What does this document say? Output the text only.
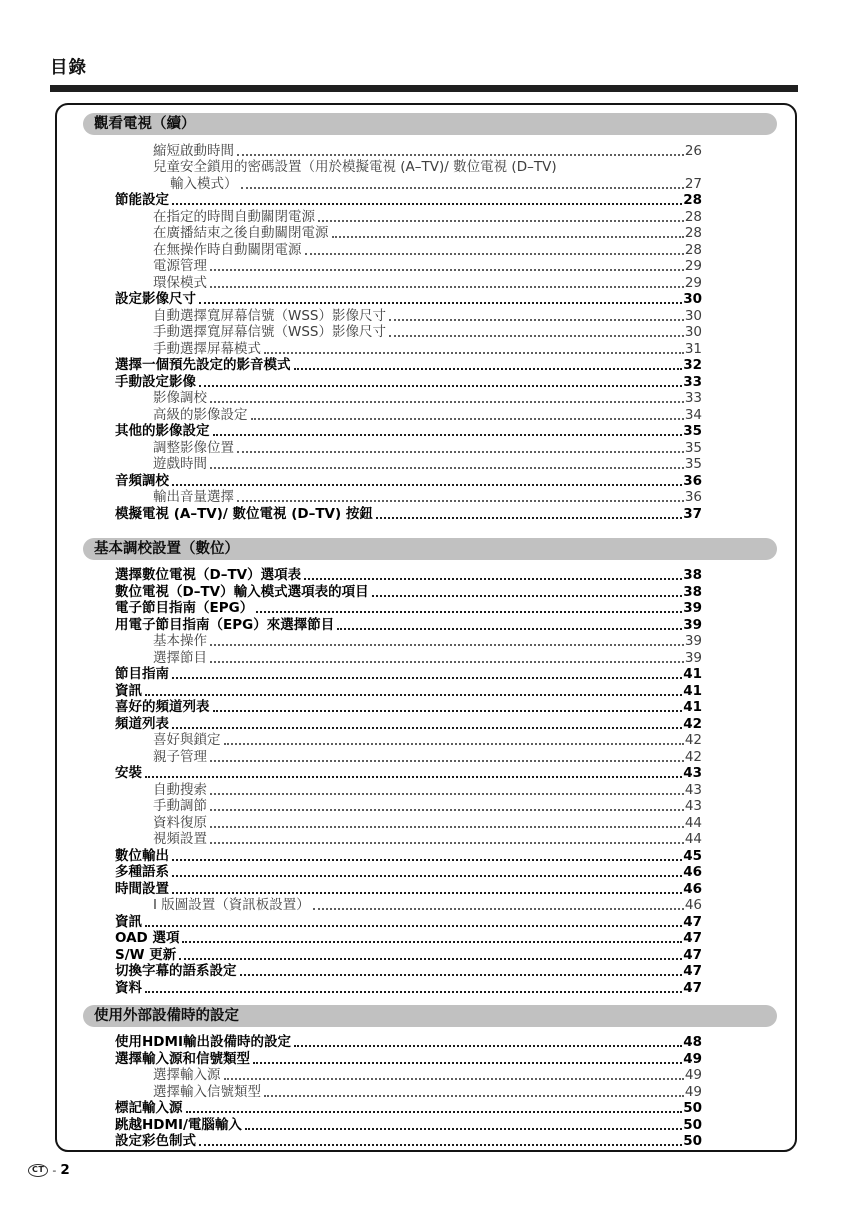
目錄
觀看電視（續）
縮短啟動時間	26
兒童安全鎖用的密碼設置（用於模擬電視 (A–TV)/ 數位電視 (D–TV)
輸入模式）	27
節能設定	28
在指定的時間自動關閉電源	28
在廣播結束之後自動關閉電源	28
在無操作時自動關閉電源	28
電源管理	29
環保模式	29
設定影像尺寸	30
自動選擇寬屏幕信號（WSS）影像尺寸	30
手動選擇寬屏幕信號（WSS）影像尺寸	30
手動選擇屏幕模式	31
選擇一個預先設定的影音模式	32
手動設定影像	33
影像調校	33
高級的影像設定	34
其他的影像設定	35
調整影像位置	35
遊戲時間	35
音頻調校	36
輸出音量選擇	36
模擬電視 (A–TV)/ 數位電視 (D–TV) 按鈕	37
基本調校設置（數位）
選擇數位電視（D–TV）選項表	38
數位電視（D–TV）輸入模式選項表的項目	38
電子節目指南（EPG）	39
用電子節目指南（EPG）來選擇節目	39
基本操作	39
選擇節目	39
節目指南	41
資訊	41
喜好的頻道列表	41
頻道列表	42
喜好與鎖定	42
親子管理	42
安裝	43
自動搜索	43
手動調節	43
資料復原	44
視頻設置	44
數位輸出	45
多種語系	46
時間設置	46
I 版圖設置（資訊板設置）	46
資訊	47
OAD 選項	47
S/W 更新	47
切換字幕的語系設定	47
資料	47
使用外部設備時的設定
使用HDMI輸出設備時的設定	48
選擇輸入源和信號類型	49
選擇輸入源	49
選擇輸入信號類型	49
標記輸入源	50
跳越HDMI/電腦輸入	50
設定彩色制式	50
CT - 2
